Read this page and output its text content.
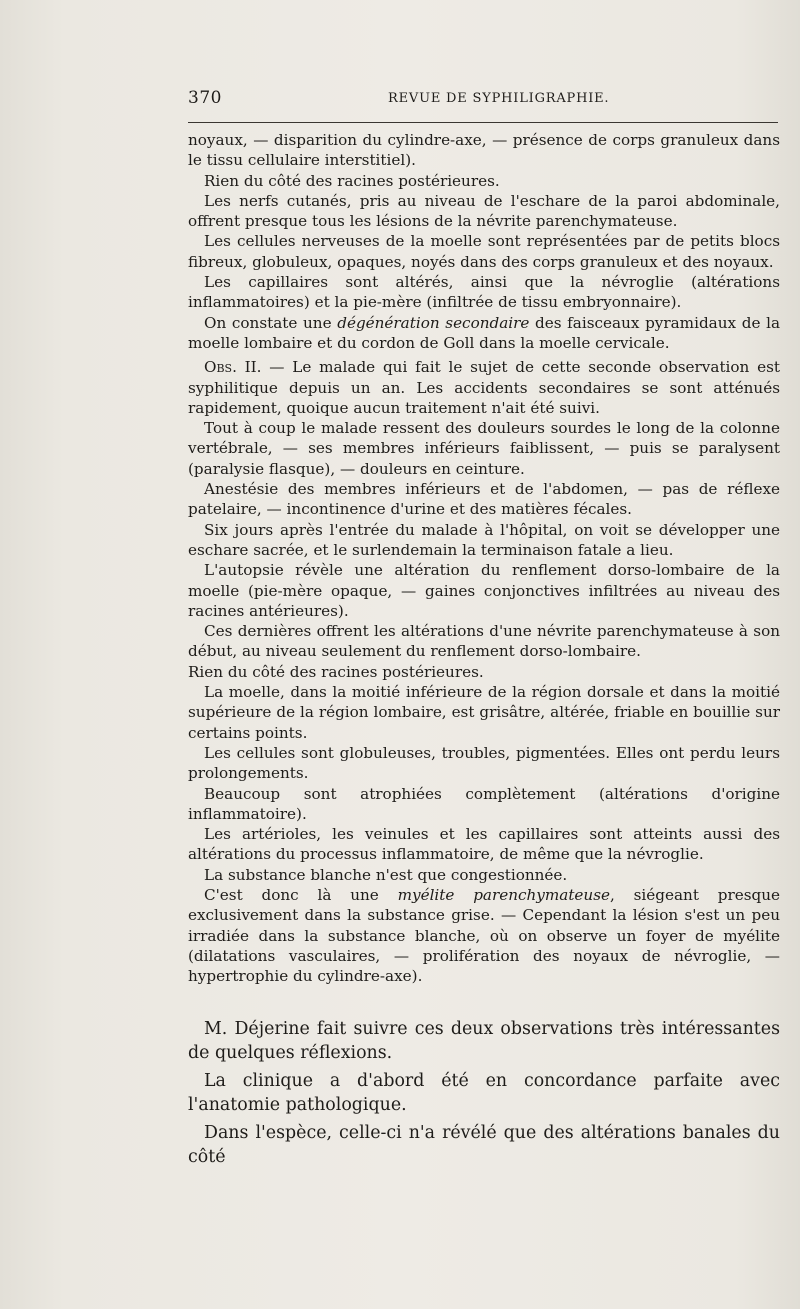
370	REVUE DE SYPHILIGRAPHIE.

noyaux, — disparition du cylindre-axe, — présence de corps granuleux dans le tissu cellulaire interstitiel).

Rien du côté des racines postérieures.

Les nerfs cutanés, pris au niveau de l'eschare de la paroi abdominale, offrent presque tous les lésions de la névrite parenchymateuse.

Les cellules nerveuses de la moelle sont représentées par de petits blocs fibreux, globuleux, opaques, noyés dans des corps granuleux et des noyaux.

Les capillaires sont altérés, ainsi que la névroglie (altérations inflammatoires) et la pie-mère (infiltrée de tissu embryonnaire).

On constate une dégénération secondaire des faisceaux pyramidaux de la moelle lombaire et du cordon de Goll dans la moelle cervicale.

Obs. II. — Le malade qui fait le sujet de cette seconde observation est syphilitique depuis un an. Les accidents secondaires se sont atténués rapidement, quoique aucun traitement n'ait été suivi.

Tout à coup le malade ressent des douleurs sourdes le long de la colonne vertébrale, — ses membres inférieurs faiblissent, — puis se paralysent (paralysie flasque), — douleurs en ceinture.

Anestésie des membres inférieurs et de l'abdomen, — pas de réflexe patelaire, — incontinence d'urine et des matières fécales.

Six jours après l'entrée du malade à l'hôpital, on voit se développer une eschare sacrée, et le surlendemain la terminaison fatale a lieu.

L'autopsie révèle une altération du renflement dorso-lombaire de la moelle (pie-mère opaque, — gaines conjonctives infiltrées au niveau des racines antérieures).

Ces dernières offrent les altérations d'une névrite parenchymateuse à son début, au niveau seulement du renflement dorso-lombaire.

Rien du côté des racines postérieures.

La moelle, dans la moitié inférieure de la région dorsale et dans la moitié supérieure de la région lombaire, est grisâtre, altérée, friable en bouillie sur certains points.

Les cellules sont globuleuses, troubles, pigmentées. Elles ont perdu leurs prolongements.

Beaucoup sont atrophiées complètement (altérations d'origine inflammatoire).

Les artérioles, les veinules et les capillaires sont atteints aussi des altérations du processus inflammatoire, de même que la névroglie.

La substance blanche n'est que congestionnée.

C'est donc là une myélite parenchymateuse, siégeant presque exclusivement dans la substance grise. — Cependant la lésion s'est un peu irradiée dans la substance blanche, où on observe un foyer de myélite (dilatations vasculaires, — prolifération des noyaux de névroglie, — hypertrophie du cylindre-axe).

M. Déjerine fait suivre ces deux observations très intéressantes de quelques réflexions.

La clinique a d'abord été en concordance parfaite avec l'anatomie pathologique.

Dans l'espèce, celle-ci n'a révélé que des altérations banales du côté
